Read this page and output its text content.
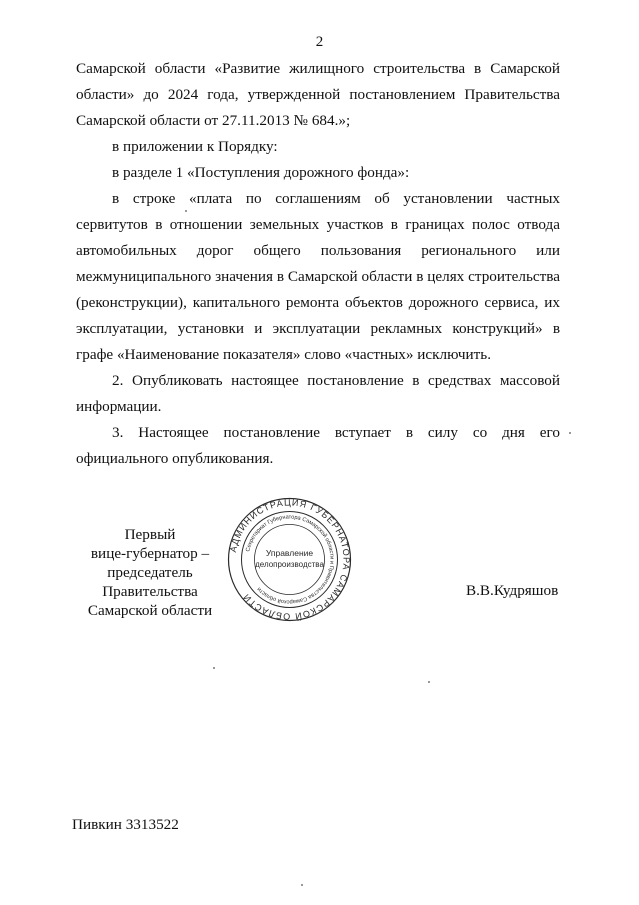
2

Самарской области «Развитие жилищного строительства в Самарской области» до 2024 года, утвержденной постановлением Правительства Самарской области от 27.11.2013 № 684.»;

в приложении к Порядку:

в разделе 1 «Поступления дорожного фонда»:

в строке «плата по соглашениям об установлении частных сервитутов в отношении земельных участков в границах полос отвода автомобильных дорог общего пользования регионального или межмуниципального значения в Самарской области в целях строительства (реконструкции), капитального ремонта объектов дорожного сервиса, их эксплуатации, установки и эксплуатации рекламных конструкций» в графе «Наименование показателя» слово «частных» исключить.

2. Опубликовать настоящее постановление в средствах массовой информации.

3. Настоящее постановление вступает в силу со дня его официального опубликования.

Первый
вице-губернатор –
председатель Правительства
Самарской области
АДМИНИСТРАЦИЯ ГУБЕРНАТОРА САМАРСКОЙ ОБЛАСТИ
Секретариат Губернатора Самарской области и Правительства Самарской области
Управление
делопроизводства
В.В.Кудряшов
Пивкин 3313522
